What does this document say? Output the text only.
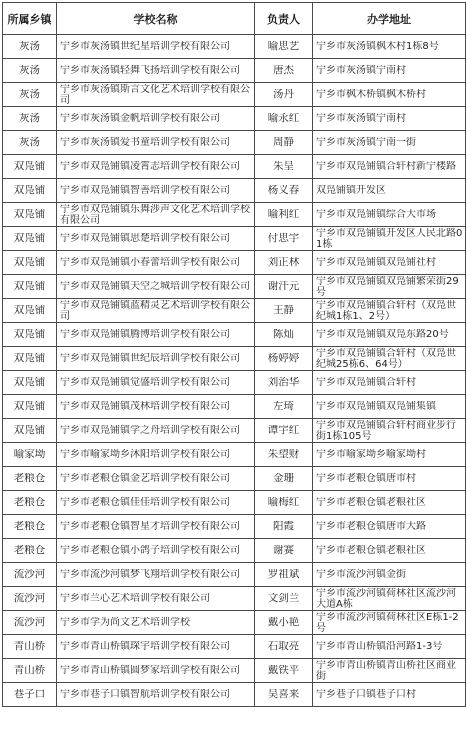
所属乡镇	学校名称	负责人	办学地址

灰汤	宁乡市灰汤镇世纪星培训学校有限公司	喻思艺	宁乡市灰汤镇枫木村1栋8号

灰汤	宁乡市灰汤镇轻舞飞扬培训学校有限公司	唐杰	宁乡市灰汤镇宁南村

灰汤	宁乡市灰汤镇斯言文化艺术培训学校有限公司	汤丹	宁乡市枫木桥镇枫木桥村

灰汤	宁乡市灰汤镇金帆培训学校有限公司	喻永红	宁乡市灰汤镇宁南村

灰汤	宁乡市灰汤镇爱书童培训学校有限公司	周静	宁乡市灰汤镇宁南一街

双凫铺	宁乡市双凫铺镇凌霄志培训学校有限公司	朱呈	宁乡市双凫铺镇合轩村新宁楼路

双凫铺	宁乡市双凫铺镇智善培训学校有限公司	杨义春	双凫铺镇开发区

双凫铺	宁乡市双凫铺镇乐舞涉声文化艺术培训学校有限公司	喻利红	宁乡市双凫铺镇综合大市场

双凫铺	宁乡市双凫铺镇思楚培训学校有限公司	付思宇	宁乡市双凫铺镇开发区人民北路01栋

双凫铺	宁乡市双凫铺镇小春蕾培训学校有限公司	刘正林	宁乡市双凫铺镇双凫铺社村

双凫铺	宁乡市双凫铺镇天空之城培训学校有限公司	谢汗元	宁乡市双凫铺镇双凫铺繁荣街29号

双凫铺	宁乡市双凫铺镇蓝精灵艺术培训学校有限公司	王静	宁乡市双凫铺镇合轩村（双凫世纪城1栋1、2号）

双凫铺	宁乡市双凫铺镇腾博培训学校有限公司	陈灿	宁乡市双凫铺镇双凫东路20号

双凫铺	宁乡市双凫铺镇世纪辰培训学校有限公司	杨婷婷	宁乡市双凫铺镇合轩村（双凫世纪城25栋6、64号）

双凫铺	宁乡市双凫铺镇觉盛培训学校有限公司	刘治华	宁乡市双凫铺镇合轩村

双凫铺	宁乡市双凫铺镇茂林培训学校有限公司	左琦	宁乡市双凫铺镇双凫铺集镇

双凫铺	宁乡市双凫铺镇学之舟培训学校有限公司	谭宇红	宁乡市双凫铺镇合轩村商业步行街1栋105号

喻家坳	宁乡市喻家坳乡沐阳培训学校有限公司	朱望财	宁乡市喻家坳乡喻家坳村

老粮仓	宁乡市老粮仓镇金艺培训学校有限公司	金珊	宁乡市老粮仓镇唐市村

老粮仓	宁乡市老粮仓镇佳佳培训学校有限公司	喻梅红	宁乡市老粮仓镇老粮社区

老粮仓	宁乡市老粮仓镇智星才培训学校有限公司	阳霞	宁乡市老粮仓镇唐市大路

老粮仓	宁乡市老粮仓镇小鸽子培训学校有限公司	谢赛	宁乡市老粮仓镇老粮社区

流沙河	宁乡市流沙河镇梦飞翔培训学校有限公司	罗祖斌	宁乡市流沙河镇金街

流沙河	宁乡市兰心艺术培训学校有限公司	文剑兰	宁乡市流沙河镇荷林社区流沙河大道A栋

流沙河	宁乡市学为尚文艺术培训学校	戴小艳	宁乡市流沙河镇荷林社区E栋1-2号

青山桥	宁乡市青山桥镇琛宇培训学校有限公司	石取亮	宁乡市青山桥镇沿河路1-3号

青山桥	宁乡市青山桥镇圆梦家培训学校有限公司	戴铁平	宁乡市青山桥镇青山桥社区商业街

巷子口	宁乡市巷子口镇智航培训学校有限公司	吴喜来	宁乡巷子口镇巷子口村
